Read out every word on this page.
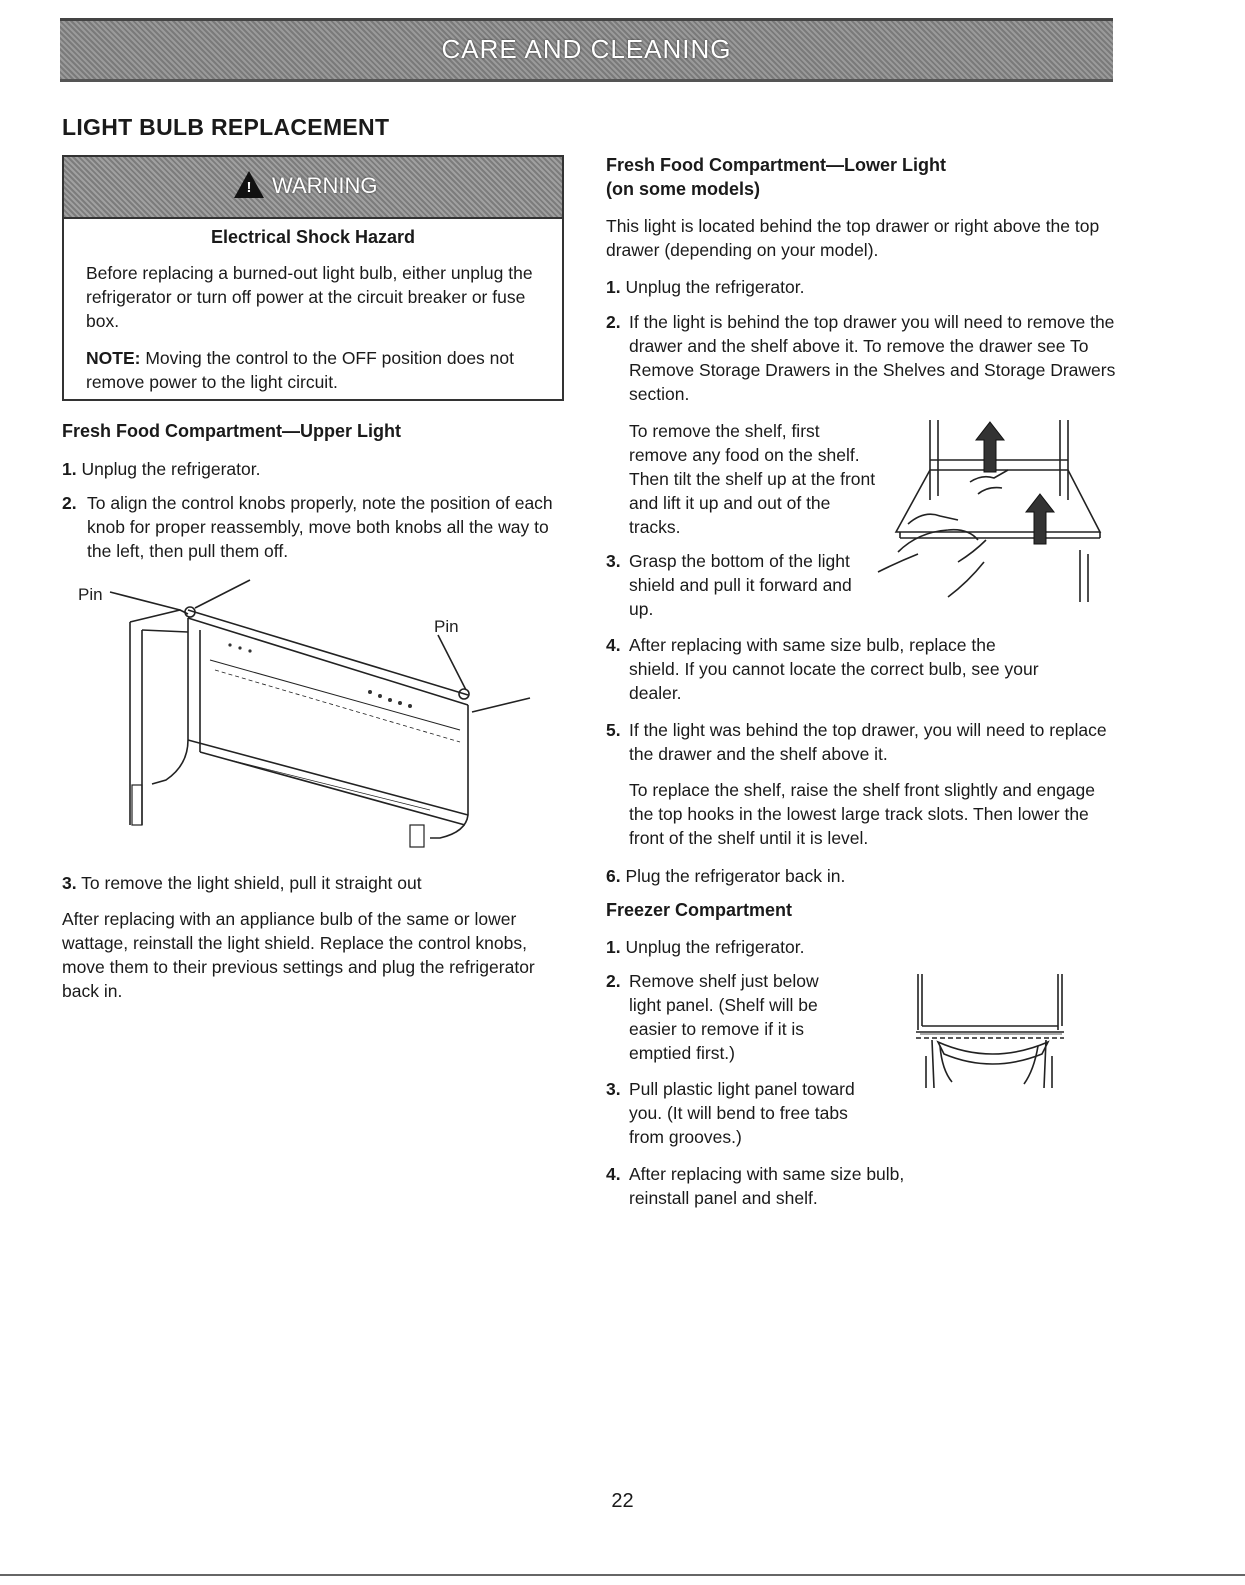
CARE AND CLEANING
LIGHT BULB REPLACEMENT
! WARNING
Electrical Shock Hazard

Before replacing a burned-out light bulb, either unplug the refrigerator or turn off power at the circuit breaker or fuse box.

NOTE: Moving the control to the OFF position does not remove power to the light circuit.

Fresh Food Compartment—Upper Light

1. Unplug the refrigerator.

2. To align the control knobs properly, note the position of each knob for proper reassembly, move both knobs all the way to the left, then pull them off.
Pin
Pin

3. To remove the light shield, pull it straight out

After replacing with an appliance bulb of the same or lower wattage, reinstall the light shield. Replace the control knobs, move them to their previous settings and plug the refrigerator back in.

Fresh Food Compartment—Lower Light
(on some models)

This light is located behind the top drawer or right above the top drawer (depending on your model).

1. Unplug the refrigerator.

2. If the light is behind the top drawer you will need to remove the drawer and the shelf above it. To remove the drawer see To Remove Storage Drawers in the Shelves and Storage Drawers section.

To remove the shelf, first remove any food on the shelf. Then tilt the shelf up at the front and lift it up and out of the tracks.

3. Grasp the bottom of the light shield and pull it forward and up.
4. After replacing with same size bulb, replace the shield. If you cannot locate the correct bulb, see your dealer.
5. If the light was behind the top drawer, you will need to replace the drawer and the shelf above it.

To replace the shelf, raise the shelf front slightly and engage the top hooks in the lowest large track slots. Then lower the front of the shelf until it is level.

6. Plug the refrigerator back in.

Freezer Compartment

1. Unplug the refrigerator.

2. Remove shelf just below light panel. (Shelf will be easier to remove if it is emptied first.)
3. Pull plastic light panel toward you. (It will bend to free tabs from grooves.)
4. After replacing with same size bulb, reinstall panel and shelf.
22
